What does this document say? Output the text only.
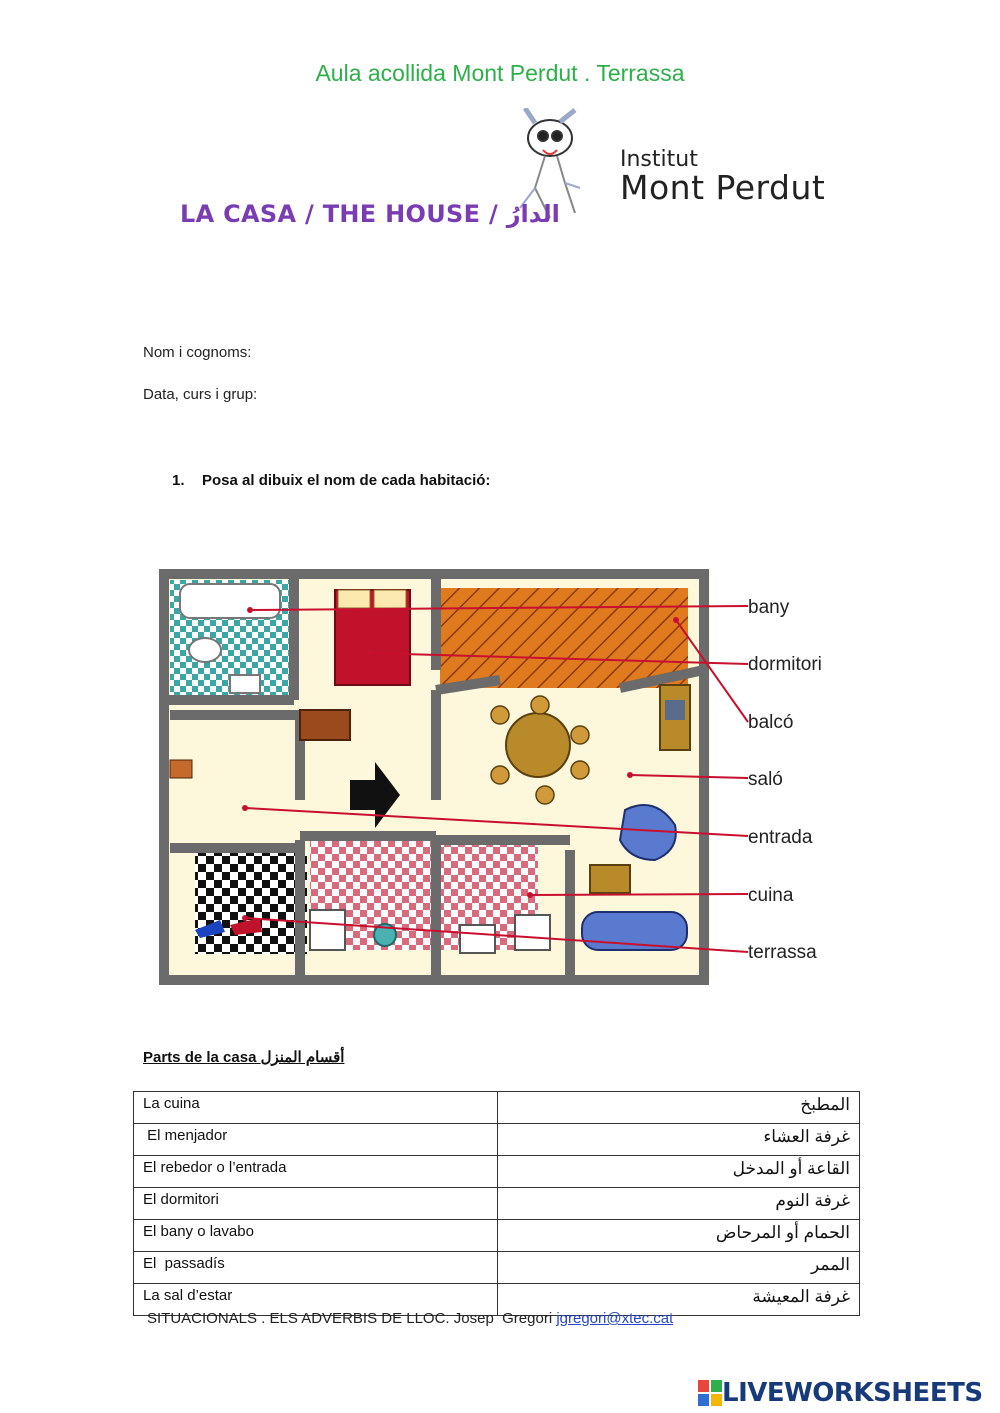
Aula acollida Mont Perdut . Terrassa
Institut
Mont Perdut
LA CASA / THE HOUSE / الدارُ
Nom i cognoms:
Data, curs i grup:
1. Posa al dibuix el nom de cada habitació:
bany
dormitori
balcó
saló
entrada
cuina
terrassa
Parts de la casa أقسام المنزل
La cuina	المطبخ
El menjador	غرفة العشاء
El rebedor o l’entrada	القاعة أو المدخل
El dormitori	غرفة النوم
El bany o lavabo	الحمام أو المرحاض
El  passadís	الممر
La sal d’estar	غرفة المعيشة
SITUACIONALS . ELS ADVERBIS DE LLOC. Josep  Gregori jgregori@xtec.cat
LIVEWORKSHEETS
